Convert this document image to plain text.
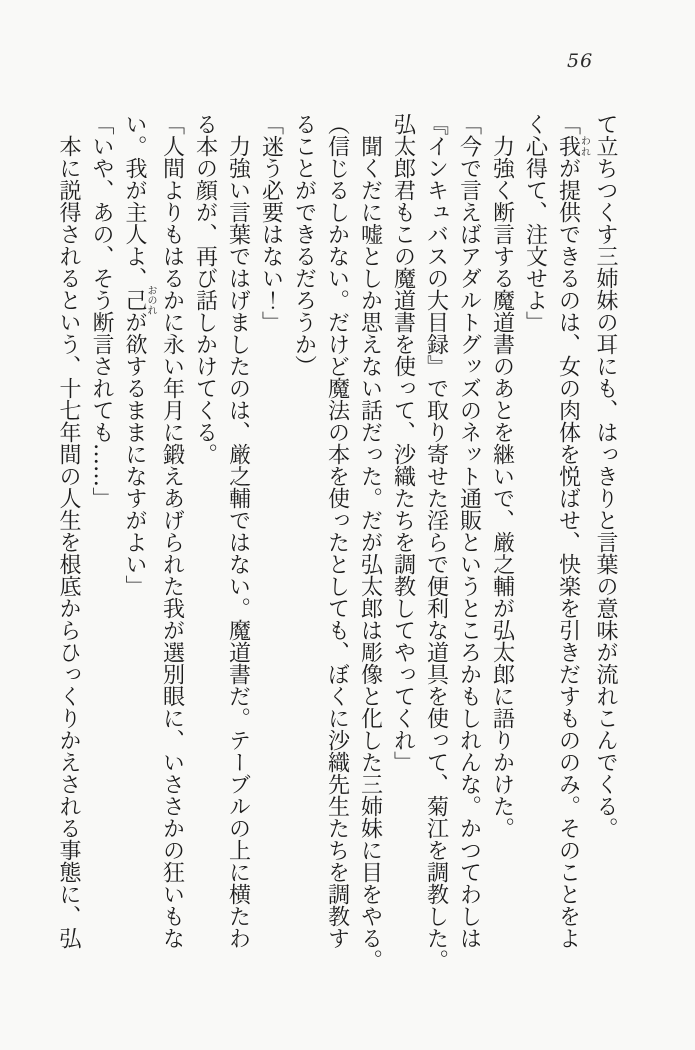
56

て立ちつくす三姉妹の耳にも、はっきりと言葉の意味が流れこんでくる。

「我われが提供できるのは、女の肉体を悦ばせ、快楽を引きだすもののみ。そのことをよ

く心得て、注文せよ」

力強く断言する魔道書のあとを継いで、厳之輔が弘太郎に語りかけた。

「今で言えばアダルトグッズのネット通販というところかもしれんな。かつてわしは

『インキュバスの大目録』で取り寄せた淫らで便利な道具を使って、菊江を調教した。

弘太郎君もこの魔道書を使って、沙織たちを調教してやってくれ」

聞くだに嘘としか思えない話だった。だが弘太郎は彫像と化した三姉妹に目をやる。

（信じるしかない。だけど魔法の本を使ったとしても、ぼくに沙織先生たちを調教す

ることができるだろうか）

「迷う必要はない！」

力強い言葉ではげましたのは、厳之輔ではない。魔道書だ。テーブルの上に横たわ

る本の顔が、再び話しかけてくる。

「人間よりもはるかに永い年月に鍛えあげられた我が選別眼に、いささかの狂いもな

い。我が主人よ、己おのれが欲するままになすがよい」

「いや、あの、そう断言されても……」

本に説得されるという、十七年間の人生を根底からひっくりかえされる事態に、弘
